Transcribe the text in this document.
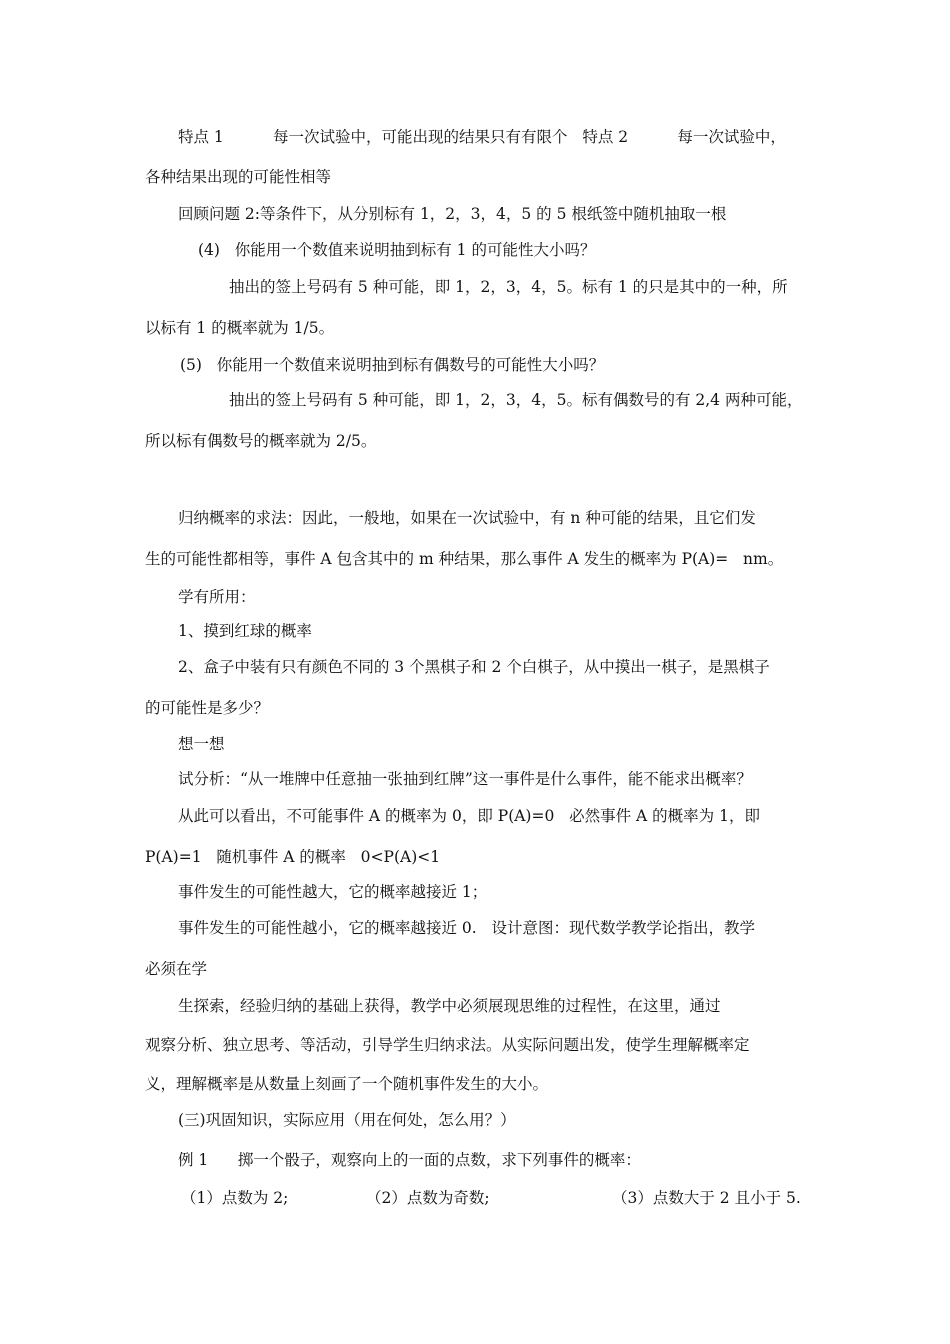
特点 1          每一次试验中，可能出现的结果只有有限个   特点 2          每一次试验中，
各种结果出现的可能性相等
回顾问题 2:等条件下，从分别标有 1，2，3，4，5 的 5 根纸签中随机抽取一根
(4)   你能用一个数值来说明抽到标有 1 的可能性大小吗？
抽出的签上号码有 5 种可能，即 1，2，3，4，5。标有 1 的只是其中的一种，所
以标有 1 的概率就为 1/5。
(5)   你能用一个数值来说明抽到标有偶数号的可能性大小吗？
抽出的签上号码有 5 种可能，即 1，2，3，4，5。标有偶数号的有 2,4 两种可能，
所以标有偶数号的概率就为 2/5。
归纳概率的求法：因此，一般地，如果在一次试验中，有 n 种可能的结果，且它们发
生的可能性都相等，事件 A 包含其中的 m 种结果，那么事件 A 发生的概率为 P(A)=   nm。
学有所用：
1、摸到红球的概率
2、盒子中装有只有颜色不同的 3 个黑棋子和 2 个白棋子，从中摸出一棋子，是黑棋子
的可能性是多少？
想一想
试分析：“从一堆牌中任意抽一张抽到红牌”这一事件是什么事件，能不能求出概率？
从此可以看出，不可能事件 A 的概率为 0，即 P(A)=0   必然事件 A 的概率为 1，即
P(A)=1   随机事件 A 的概率   0<P(A)<1
事件发生的可能性越大，它的概率越接近 1；
事件发生的可能性越小，它的概率越接近 0.   设计意图：现代数学教学论指出，教学
必须在学
生探索，经验归纳的基础上获得，教学中必须展现思维的过程性，在这里，通过
观察分析、独立思考、等活动，引导学生归纳求法。从实际问题出发，使学生理解概率定
义，理解概率是从数量上刻画了一个随机事件发生的大小。
(三)巩固知识，实际应用（用在何处，怎么用？）
例 1      掷一个骰子，观察向上的一面的点数，求下列事件的概率：
（1）点数为 2;	（2）点数为奇数;	（3）点数大于 2 且小于 5.
